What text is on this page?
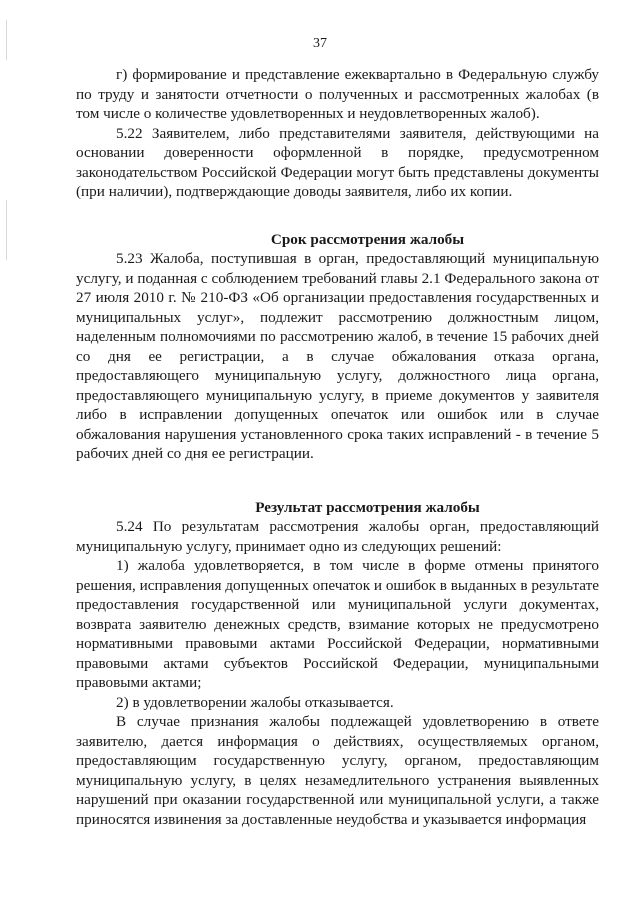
37

г) формирование и представление ежеквартально в Федеральную службу по труду и занятости отчетности о полученных и рассмотренных жалобах (в том числе о количестве удовлетворенных и неудовлетворенных жалоб).

5.22 Заявителем, либо представителями заявителя, действующими на основании доверенности оформленной в порядке, предусмотренном законодательством Российской Федерации могут быть представлены документы (при наличии), подтверждающие доводы заявителя, либо их копии.

Срок рассмотрения жалобы

5.23 Жалоба, поступившая в орган, предоставляющий муниципальную услугу, и поданная с соблюдением требований главы 2.1 Федерального закона от 27 июля 2010 г. № 210-ФЗ «Об организации предоставления государственных и муниципальных услуг», подлежит рассмотрению должностным лицом, наделенным полномочиями по рассмотрению жалоб, в течение 15 рабочих дней со дня ее регистрации, а в случае обжалования отказа органа, предоставляющего муниципальную услугу, должностного лица органа, предоставляющего муниципальную услугу, в приеме документов у заявителя либо в исправлении допущенных опечаток или ошибок или в случае обжалования нарушения установленного срока таких исправлений - в течение 5 рабочих дней со дня ее регистрации.

Результат рассмотрения жалобы

5.24 По результатам рассмотрения жалобы орган, предоставляющий муниципальную услугу, принимает одно из следующих решений:

1) жалоба удовлетворяется, в том числе в форме отмены принятого решения, исправления допущенных опечаток и ошибок в выданных в результате предоставления государственной или муниципальной услуги документах, возврата заявителю денежных средств, взимание которых не предусмотрено нормативными правовыми актами Российской Федерации, нормативными правовыми актами субъектов Российской Федерации, муниципальными правовыми актами;

2) в удовлетворении жалобы отказывается.

В случае признания жалобы подлежащей удовлетворению в ответе заявителю, дается информация о действиях, осуществляемых органом, предоставляющим государственную услугу, органом, предоставляющим муниципальную услугу, в целях незамедлительного устранения выявленных нарушений при оказании государственной или муниципальной услуги, а также приносятся извинения за доставленные неудобства и указывается информация
